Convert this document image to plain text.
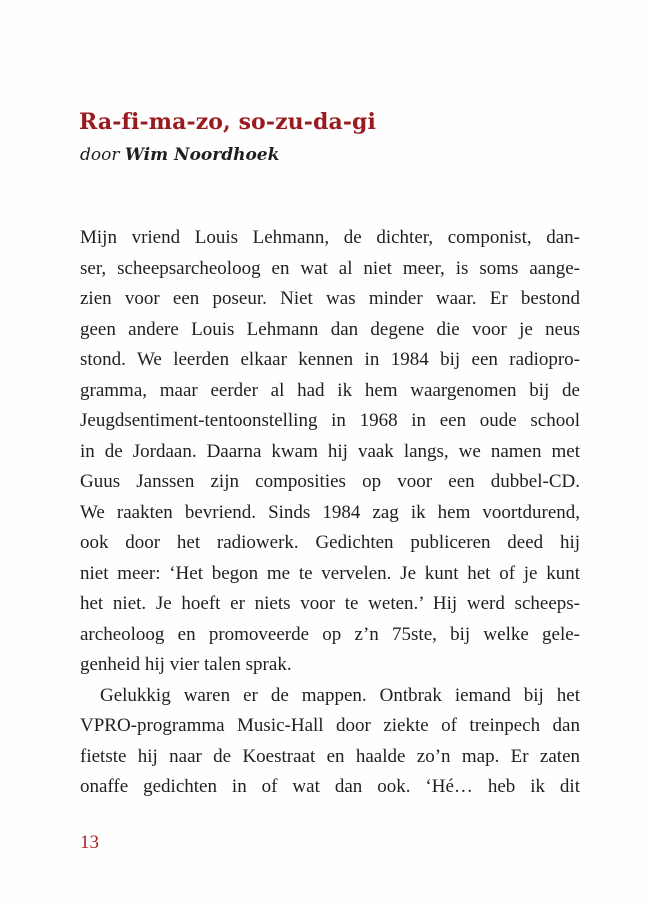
Ra-fi-ma-zo, so-zu-da-gi

door Wim Noordhoek

Mijn vriend Louis Lehmann, de dichter, componist, dan-
ser, scheepsarcheoloog en wat al niet meer, is soms aange-
zien voor een poseur. Niet was minder waar. Er bestond
geen andere Louis Lehmann dan degene die voor je neus
stond. We leerden elkaar kennen in 1984 bij een radiopro-
gramma, maar eerder al had ik hem waargenomen bij de
Jeugdsentiment-tentoonstelling in 1968 in een oude school
in de Jordaan. Daarna kwam hij vaak langs, we namen met
Guus Janssen zijn composities op voor een dubbel-CD.
We raakten bevriend. Sinds 1984 zag ik hem voortdurend,
ook door het radiowerk. Gedichten publiceren deed hij
niet meer: ‘Het begon me te vervelen. Je kunt het of je kunt
het niet. Je hoeft er niets voor te weten.’ Hij werd scheeps-
archeoloog en promoveerde op z’n 75ste, bij welke gele-
genheid hij vier talen sprak.
Gelukkig waren er de mappen. Ontbrak iemand bij het
VPRO-programma Music-Hall door ziekte of treinpech dan
fietste hij naar de Koestraat en haalde zo’n map. Er zaten
onaffe gedichten in of wat dan ook. ‘Hé… heb ik dit

13
